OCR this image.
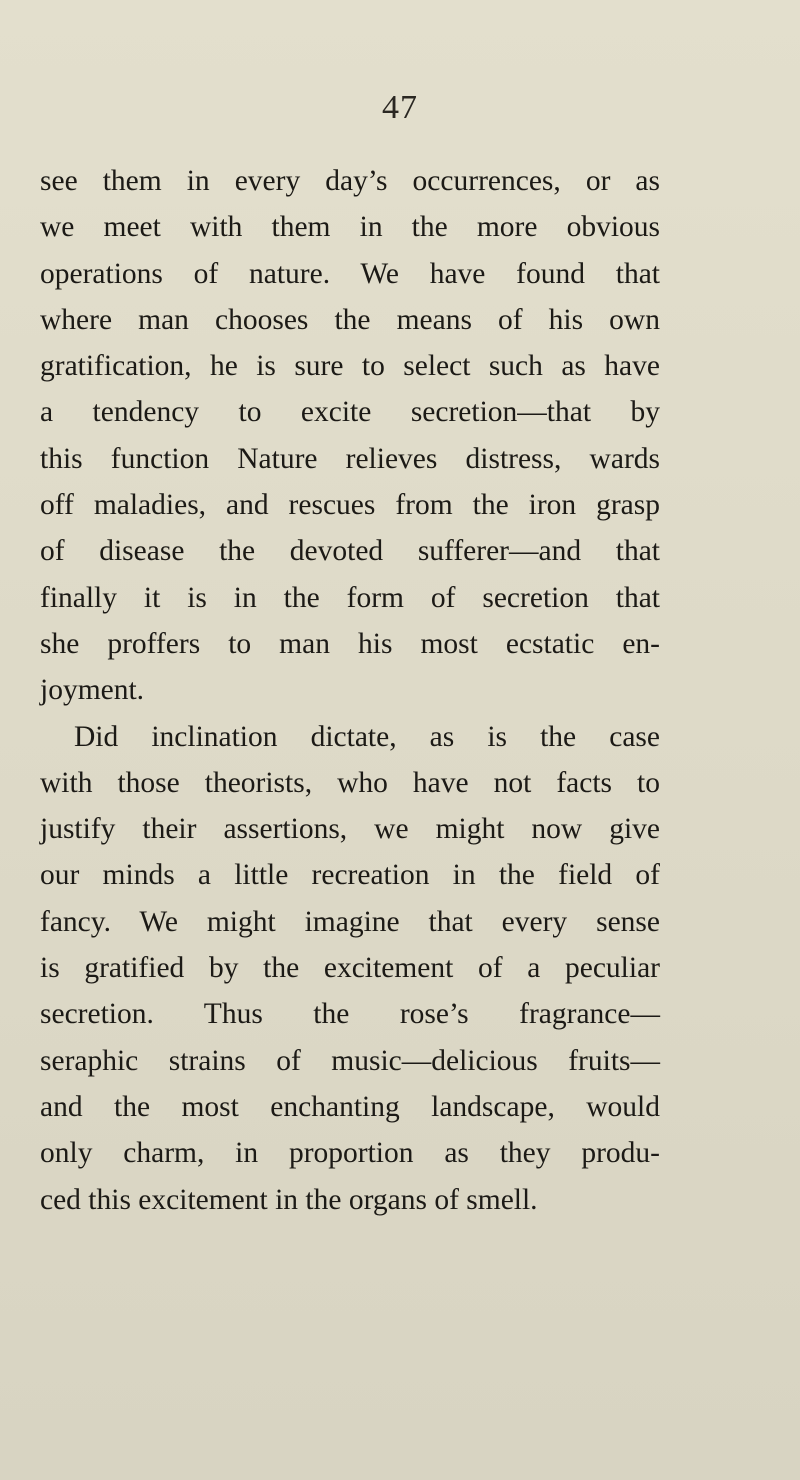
47
see them in every day’s occurrences, or as
we meet with them in the more obvious
operations of nature. We have found that
where man chooses the means of his own
gratification, he is sure to select such as have
a tendency to excite secretion—that by
this function Nature relieves distress, wards
off maladies, and rescues from the iron grasp
of disease the devoted sufferer—and that
finally it is in the form of secretion that
she proffers to man his most ecstatic en-
joyment.
Did inclination dictate, as is the case
with those theorists, who have not facts to
justify their assertions, we might now give
our minds a little recreation in the field of
fancy. We might imagine that every sense
is gratified by the excitement of a peculiar
secretion. Thus the rose’s fragrance—
seraphic strains of music—delicious fruits—
and the most enchanting landscape, would
only charm, in proportion as they produ-
ced this excitement in the organs of smell.
